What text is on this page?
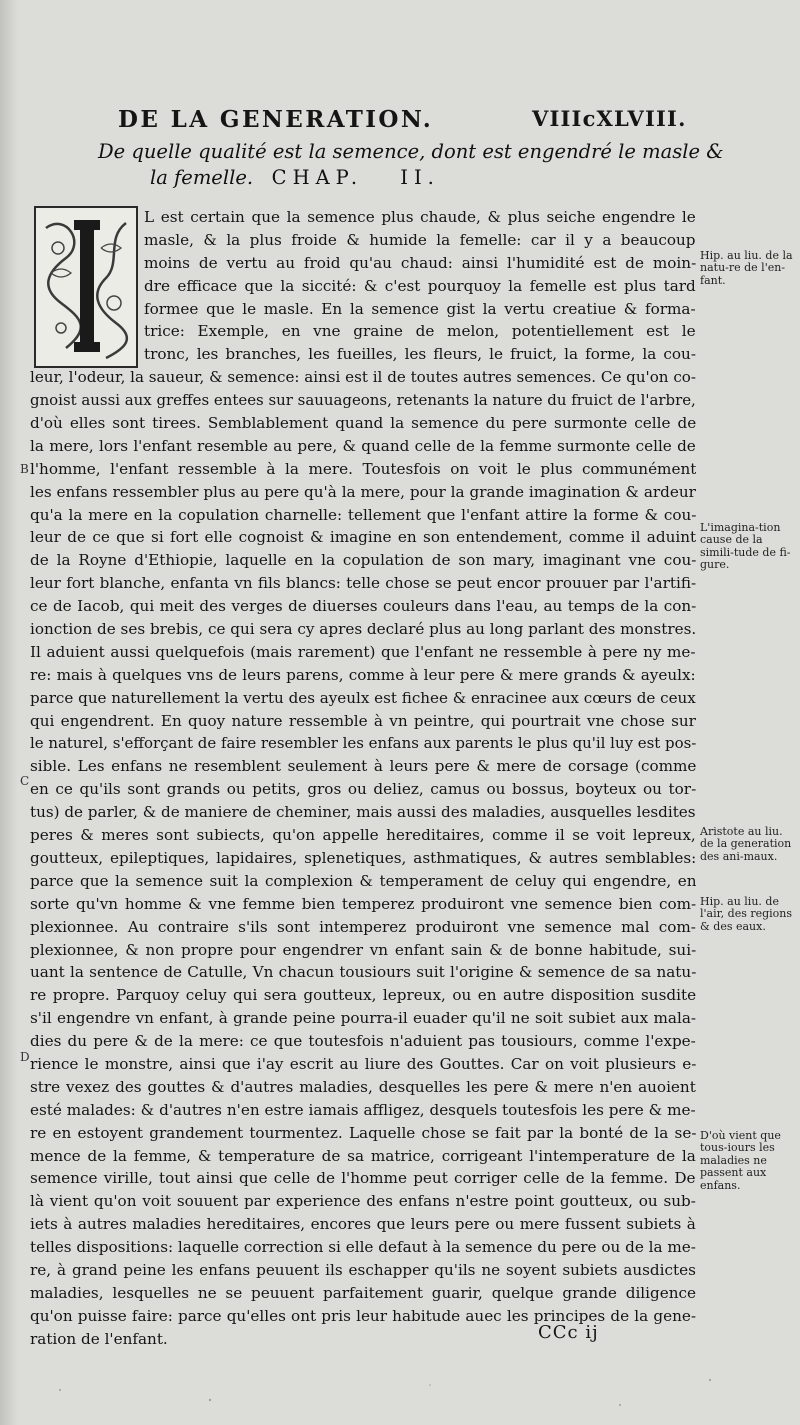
DE LA GENERATION.	VIIIcXLVIII.
De quelle qualité est la semence, dont est engendré le masle &
la femelle. CHAP. II.
L est certain que la semence plus chaude, & plus seiche engendre le
masle, & la plus froide & humide la femelle: car il y a beaucoup
moins de vertu au froid qu'au chaud: ainsi l'humidité est de moin-
dre efficace que la siccité: & c'est pourquoy la femelle est plus tard
formee que le masle. En la semence gist la vertu creatiue & forma-
trice: Exemple, en vne graine de melon, potentiellement est le
tronc, les branches, les fueilles, les fleurs, le fruict, la forme, la cou-
leur, l'odeur, la saueur, & semence: ainsi est il de toutes autres semences. Ce qu'on co-
gnoist aussi aux greffes entees sur sauuageons, retenants la nature du fruict de l'arbre,
d'où elles sont tirees. Semblablement quand la semence du pere surmonte celle de
la mere, lors l'enfant resemble au pere, & quand celle de la femme surmonte celle de
l'homme, l'enfant ressemble à la mere. Toutesfois on voit le plus communément
les enfans ressembler plus au pere qu'à la mere, pour la grande imagination & ardeur
qu'a la mere en la copulation charnelle: tellement que l'enfant attire la forme & cou-
leur de ce que si fort elle cognoist & imagine en son entendement, comme il aduint
de la Royne d'Ethiopie, laquelle en la copulation de son mary, imaginant vne cou-
leur fort blanche, enfanta vn fils blancs: telle chose se peut encor prouuer par l'artifi-
ce de Iacob, qui meit des verges de diuerses couleurs dans l'eau, au temps de la con-
ionction de ses brebis, ce qui sera cy apres declaré plus au long parlant des monstres.
Il aduient aussi quelquefois (mais rarement) que l'enfant ne ressemble à pere ny me-
re: mais à quelques vns de leurs parens, comme à leur pere & mere grands & ayeulx:
parce que naturellement la vertu des ayeulx est fichee & enracinee aux cœurs de ceux
qui engendrent. En quoy nature ressemble à vn peintre, qui pourtrait vne chose sur
le naturel, s'efforçant de faire resembler les enfans aux parents le plus qu'il luy est pos-
sible. Les enfans ne resemblent seulement à leurs pere & mere de corsage (comme
en ce qu'ils sont grands ou petits, gros ou deliez, camus ou bossus, boyteux ou tor-
tus) de parler, & de maniere de cheminer, mais aussi des maladies, ausquelles lesdites
peres & meres sont subiects, qu'on appelle hereditaires, comme il se voit lepreux,
goutteux, epileptiques, lapidaires, splenetiques, asthmatiques, & autres semblables:
parce que la semence suit la complexion & temperament de celuy qui engendre, en
sorte qu'vn homme & vne femme bien temperez produiront vne semence bien com-
plexionnee. Au contraire s'ils sont intemperez produiront vne semence mal com-
plexionnee, & non propre pour engendrer vn enfant sain & de bonne habitude, sui-
uant la sentence de Catulle, Vn chacun tousiours suit l'origine & semence de sa natu-
re propre. Parquoy celuy qui sera goutteux, lepreux, ou en autre disposition susdite
s'il engendre vn enfant, à grande peine pourra-il euader qu'il ne soit subiet aux mala-
dies du pere & de la mere: ce que toutesfois n'aduient pas tousiours, comme l'expe-
rience le monstre, ainsi que i'ay escrit au liure des Gouttes. Car on voit plusieurs e-
stre vexez des gouttes & d'autres maladies, desquelles les pere & mere n'en auoient
esté malades: & d'autres n'en estre iamais affligez, desquels toutesfois les pere & me-
re en estoyent grandement tourmentez. Laquelle chose se fait par la bonté de la se-
mence de la femme, & temperature de sa matrice, corrigeant l'intemperature de la
semence virille, tout ainsi que celle de l'homme peut corriger celle de la femme. De
là vient qu'on voit souuent par experience des enfans n'estre point goutteux, ou sub-
iets à autres maladies hereditaires, encores que leurs pere ou mere fussent subiets à
telles dispositions: laquelle correction si elle defaut à la semence du pere ou de la me-
re, à grand peine les enfans peuuent ils eschapper qu'ils ne soyent subiets ausdictes
maladies, lesquelles ne se peuuent parfaitement guarir, quelque grande diligence
qu'on puisse faire: parce qu'elles ont pris leur habitude auec les principes de la gene-
ration de l'enfant.
Hip. au liu. de la natu-re de l'en-fant.
L'imagina-tion cause de la simili-tude de fi-gure.
Aristote au liu. de la generation des ani-maux.
Hip. au liu. de l'air, des regions & des eaux.
D'où vient que tous-iours les maladies ne passent aux enfans.
B
C
D
CCc ij
